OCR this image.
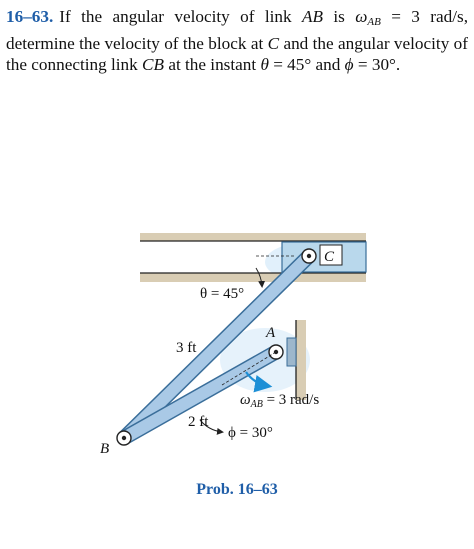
16–63. If the angular velocity of link AB is $\omega_{AB} = 3$ rad/s, determine the velocity of the block at C and the angular velocity of the connecting link CB at the instant θ = 45° and ϕ = 30°.
C
θ = 45°
ϕ = 30°
$\omega_{AB} = 3$ rad/s
A
B
3 ft
2 ft
Prob. 16–63
